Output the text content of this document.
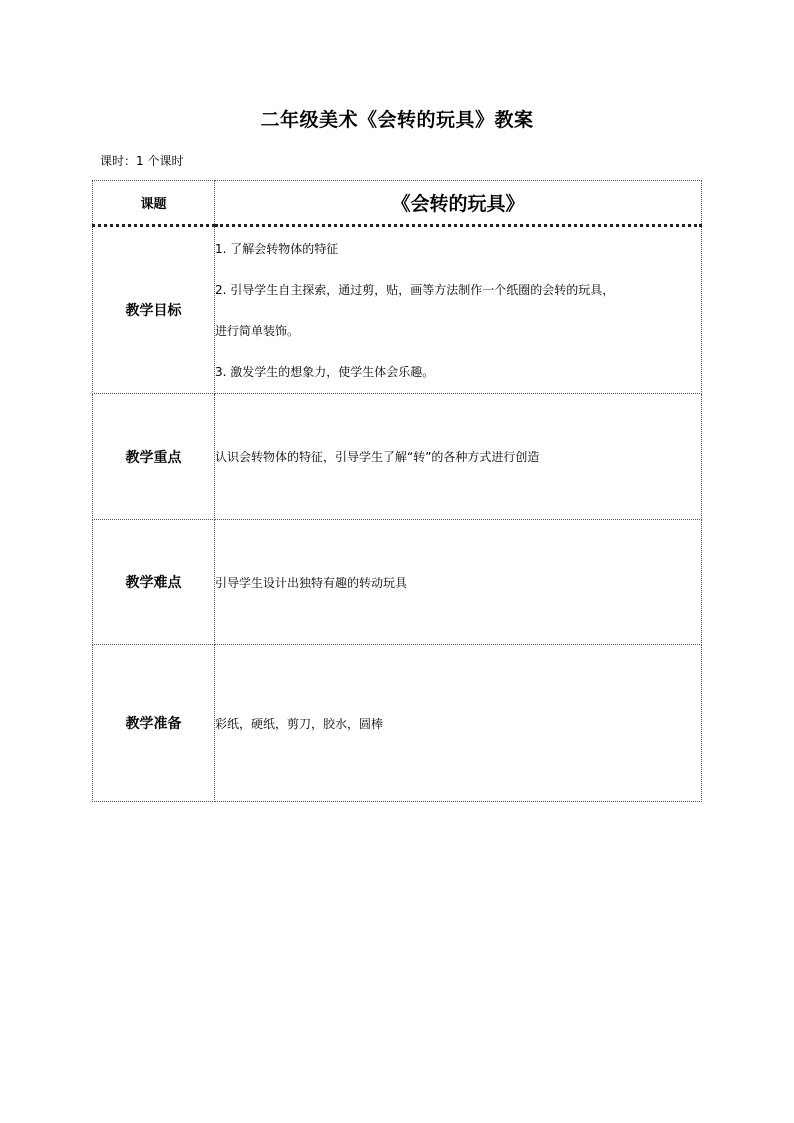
二年级美术《会转的玩具》教案
课时：1 个课时
课题	《会转的玩具》
教学目标	1. 了解会转物体的特征

2. 引导学生自主探索，通过剪，贴，画等方法制作一个纸圈的会转的玩具，

进行简单装饰。

3. 激发学生的想象力，使学生体会乐趣。

教学重点	认识会转物体的特征，引导学生了解“转”的各种方式进行创造
教学难点	引导学生设计出独特有趣的转动玩具
教学准备	彩纸，硬纸，剪刀，胶水，圆棒
